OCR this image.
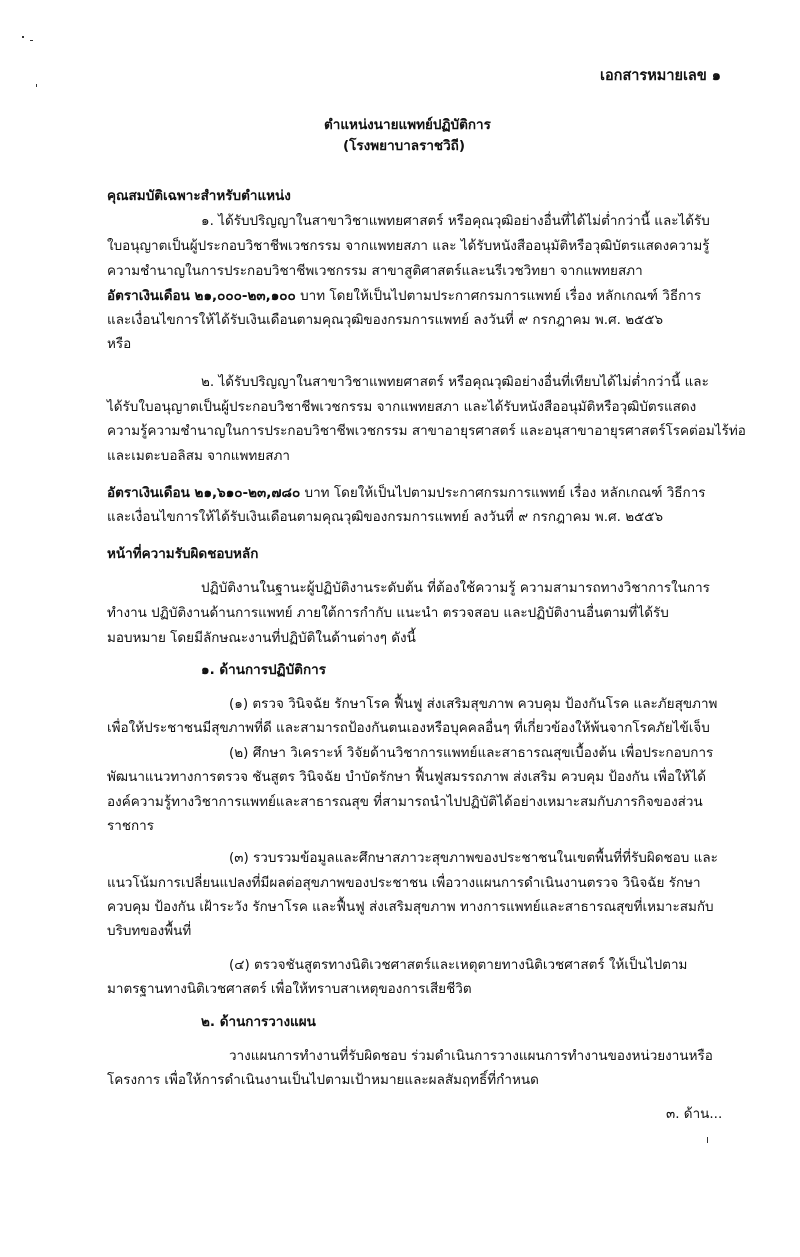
เอกสารหมายเลข ๑
ตำแหน่งนายแพทย์ปฏิบัติการ
(โรงพยาบาลราชวิถี)
คุณสมบัติเฉพาะสำหรับตำแหน่ง
๑. ได้รับปริญญาในสาขาวิชาแพทยศาสตร์ หรือคุณวุฒิอย่างอื่นที่ได้ไม่ต่ำกว่านี้ และได้รับ
ใบอนุญาตเป็นผู้ประกอบวิชาชีพเวชกรรม จากแพทยสภา และ ได้รับหนังสืออนุมัติหรือวุฒิบัตรแสดงความรู้
ความชำนาญในการประกอบวิชาชีพเวชกรรม สาขาสูติศาสตร์และนรีเวชวิทยา จากแพทยสภา
อัตราเงินเดือน ๒๑,๐๐๐-๒๓,๑๐๐ บาท โดยให้เป็นไปตามประกาศกรมการแพทย์ เรื่อง หลักเกณฑ์ วิธีการ
และเงื่อนไขการให้ได้รับเงินเดือนตามคุณวุฒิของกรมการแพทย์ ลงวันที่ ๙ กรกฎาคม พ.ศ. ๒๕๕๖
หรือ
๒. ได้รับปริญญาในสาขาวิชาแพทยศาสตร์ หรือคุณวุฒิอย่างอื่นที่เทียบได้ไม่ต่ำกว่านี้ และ
ได้รับใบอนุญาตเป็นผู้ประกอบวิชาชีพเวชกรรม จากแพทยสภา และได้รับหนังสืออนุมัติหรือวุฒิบัตรแสดง
ความรู้ความชำนาญในการประกอบวิชาชีพเวชกรรม สาขาอายุรศาสตร์ และอนุสาขาอายุรศาสตร์โรคต่อมไร้ท่อ
และเมตะบอลิสม จากแพทยสภา
อัตราเงินเดือน ๒๑,๖๑๐-๒๓,๗๘๐ บาท โดยให้เป็นไปตามประกาศกรมการแพทย์ เรื่อง หลักเกณฑ์ วิธีการ
และเงื่อนไขการให้ได้รับเงินเดือนตามคุณวุฒิของกรมการแพทย์ ลงวันที่ ๙ กรกฎาคม พ.ศ. ๒๕๕๖
หน้าที่ความรับผิดชอบหลัก
ปฏิบัติงานในฐานะผู้ปฏิบัติงานระดับต้น ที่ต้องใช้ความรู้ ความสามารถทางวิชาการในการ
ทำงาน ปฏิบัติงานด้านการแพทย์ ภายใต้การกำกับ แนะนำ ตรวจสอบ และปฏิบัติงานอื่นตามที่ได้รับ
มอบหมาย โดยมีลักษณะงานที่ปฏิบัติในด้านต่างๆ ดังนี้
๑. ด้านการปฏิบัติการ
(๑) ตรวจ วินิจฉัย รักษาโรค ฟื้นฟู ส่งเสริมสุขภาพ ควบคุม ป้องกันโรค และภัยสุขภาพ
เพื่อให้ประชาชนมีสุขภาพที่ดี และสามารถป้องกันตนเองหรือบุคคลอื่นๆ ที่เกี่ยวข้องให้พ้นจากโรคภัยไข้เจ็บ
(๒) ศึกษา วิเคราะห์ วิจัยด้านวิชาการแพทย์และสาธารณสุขเบื้องต้น เพื่อประกอบการ
พัฒนาแนวทางการตรวจ ชันสูตร วินิจฉัย บำบัดรักษา ฟื้นฟูสมรรถภาพ ส่งเสริม ควบคุม ป้องกัน เพื่อให้ได้
องค์ความรู้ทางวิชาการแพทย์และสาธารณสุข ที่สามารถนำไปปฏิบัติได้อย่างเหมาะสมกับภารกิจของส่วน
ราชการ
(๓) รวบรวมข้อมูลและศึกษาสภาวะสุขภาพของประชาชนในเขตพื้นที่ที่รับผิดชอบ และ
แนวโน้มการเปลี่ยนแปลงที่มีผลต่อสุขภาพของประชาชน เพื่อวางแผนการดำเนินงานตรวจ วินิจฉัย รักษา
ควบคุม ป้องกัน เฝ้าระวัง รักษาโรค และฟื้นฟู ส่งเสริมสุขภาพ ทางการแพทย์และสาธารณสุขที่เหมาะสมกับ
บริบทของพื้นที่
(๔) ตรวจชันสูตรทางนิติเวชศาสตร์และเหตุตายทางนิติเวชศาสตร์ ให้เป็นไปตาม
มาตรฐานทางนิติเวชศาสตร์ เพื่อให้ทราบสาเหตุของการเสียชีวิต
๒. ด้านการวางแผน
วางแผนการทำงานที่รับผิดชอบ ร่วมดำเนินการวางแผนการทำงานของหน่วยงานหรือ
โครงการ เพื่อให้การดำเนินงานเป็นไปตามเป้าหมายและผลสัมฤทธิ์ที่กำหนด
๓. ด้าน...
